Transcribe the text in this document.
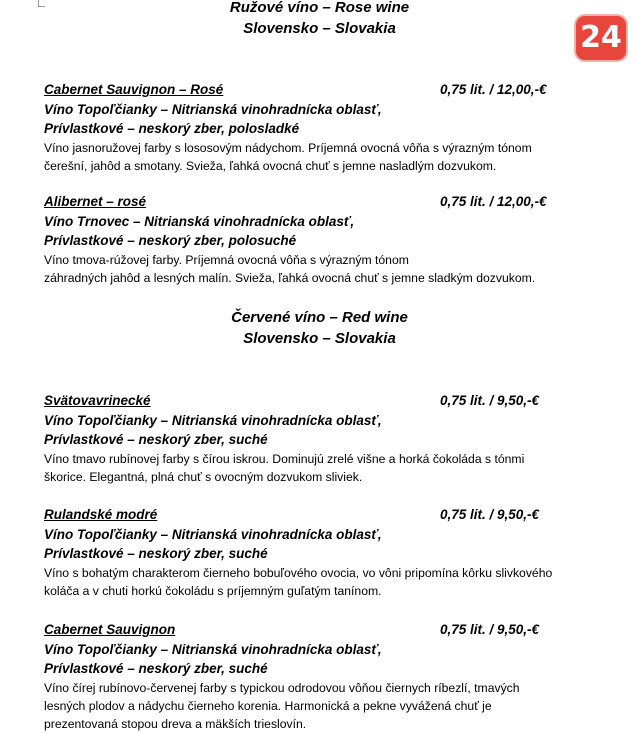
24
Ružové víno – Rose wine
Slovensko – Slovakia
Cabernet Sauvignon – Rosé	0,75 lit. / 12,00,-€
Víno Topoľčianky – Nitrianská vinohradnícka oblasť,
Prívlastkové – neskorý zber, polosladké
Víno jasnoružovej farby s lososovým nádychom. Príjemná ovocná vôňa s výrazným tónom
čerešní, jahôd a smotany. Svieža, ľahká ovocná chuť s jemne nasladlým dozvukom.
Alibernet – rosé	0,75 lit. / 12,00,-€
Víno Trnovec – Nitrianská vinohradnícka oblasť,
Prívlastkové – neskorý zber, polosuché
Víno tmova-rúžovej farby. Príjemná ovocná vôňa s výrazným tónom
záhradných jahôd a lesných malín. Svieža, ľahká ovocná chuť s jemne sladkým dozvukom.
Červené víno – Red wine
Slovensko – Slovakia
Svätovavrinecké	0,75 lit. / 9,50,-€
Víno Topoľčianky – Nitrianská vinohradnícka oblasť,
Prívlastkové – neskorý zber, suché
Víno tmavo rubínovej farby s čírou iskrou. Dominujú zrelé višne a horká čokoláda s tónmi
škorice. Elegantná, plná chuť s ovocným dozvukom sliviek.
Rulandské modré	0,75 lit. / 9,50,-€
Víno Topoľčianky – Nitrianská vinohradnícka oblasť,
Prívlastkové – neskorý zber, suché
Víno s bohatým charakterom čierneho bobuľového ovocia, vo vôni pripomína kôrku slivkového
koláča a v chuti horkú čokoládu s príjemným guľatým tanínom.
Cabernet Sauvignon	0,75 lit. / 9,50,-€
Víno Topoľčianky – Nitrianská vinohradnícka oblasť,
Prívlastkové – neskorý zber, suché
Víno čírej rubínovo-červenej farby s typickou odrodovou vôňou čiernych ríbezlí, tmavých
lesných plodov a nádychu čierneho korenia. Harmonická a pekne vyvážená chuť je
prezentovaná stopou dreva a mäkších trieslovín.
